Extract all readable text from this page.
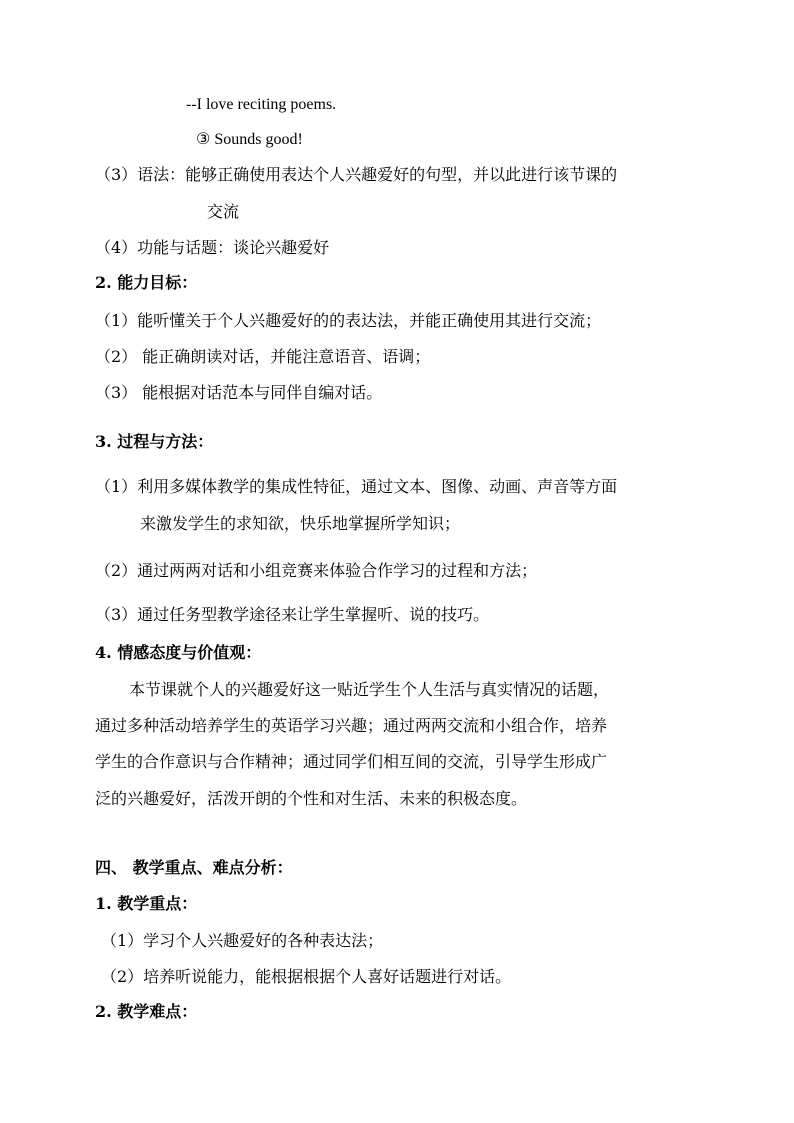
--I love reciting poems.
③ Sounds good!
（3）语法：能够正确使用表达个人兴趣爱好的句型，并以此进行该节课的
交流
（4）功能与话题：谈论兴趣爱好
2. 能力目标：
（1）能听懂关于个人兴趣爱好的的表达法，并能正确使用其进行交流；
（2） 能正确朗读对话，并能注意语音、语调；
（3） 能根据对话范本与同伴自编对话。
3. 过程与方法：
（1）利用多媒体教学的集成性特征，通过文本、图像、动画、声音等方面
来激发学生的求知欲，快乐地掌握所学知识；
（2）通过两两对话和小组竞赛来体验合作学习的过程和方法；
（3）通过任务型教学途径来让学生掌握听、说的技巧。
4. 情感态度与价值观：
本节课就个人的兴趣爱好这一贴近学生个人生活与真实情况的话题，
通过多种活动培养学生的英语学习兴趣；通过两两交流和小组合作，培养
学生的合作意识与合作精神；通过同学们相互间的交流，引导学生形成广
泛的兴趣爱好，活泼开朗的个性和对生活、未来的积极态度。
四、 教学重点、难点分析：
1. 教学重点：
（1）学习个人兴趣爱好的各种表达法；
（2）培养听说能力，能根据根据个人喜好话题进行对话。
2. 教学难点：
